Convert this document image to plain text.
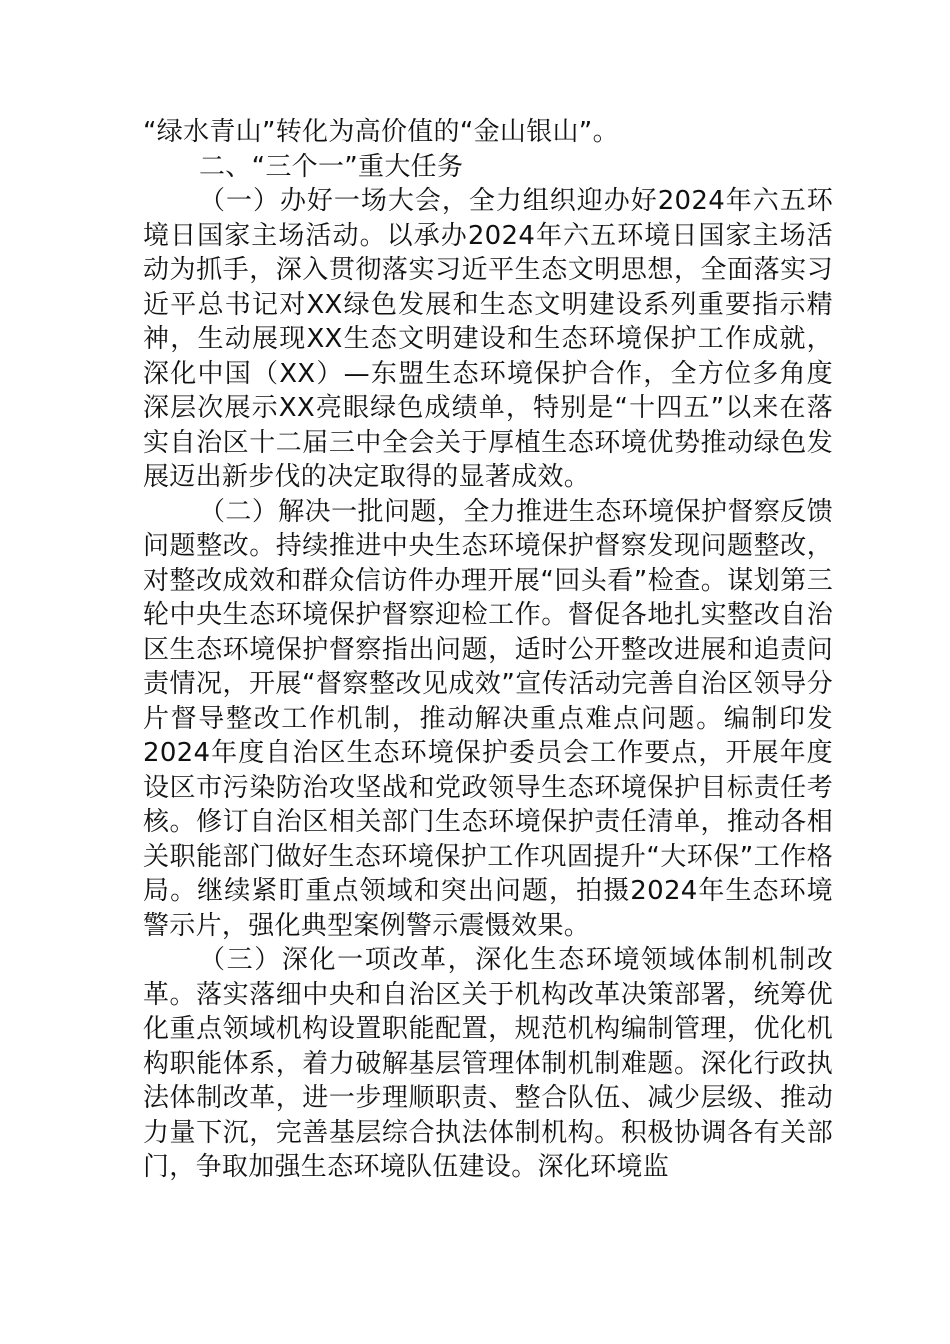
“绿水青山”转化为高价值的“金山银山”。

二、“三个一”重大任务

（一）办好一场大会，全力组织迎办好2024年六五环境日国家主场活动。以承办2024年六五环境日国家主场活动为抓手，深入贯彻落实习近平生态文明思想，全面落实习近平总书记对XX绿色发展和生态文明建设系列重要指示精神，生动展现XX生态文明建设和生态环境保护工作成就，深化中国（XX）—东盟生态环境保护合作，全方位多角度深层次展示XX亮眼绿色成绩单，特别是“十四五”以来在落实自治区十二届三中全会关于厚植生态环境优势推动绿色发展迈出新步伐的决定取得的显著成效。

（二）解决一批问题，全力推进生态环境保护督察反馈问题整改。持续推进中央生态环境保护督察发现问题整改，对整改成效和群众信访件办理开展“回头看”检查。谋划第三轮中央生态环境保护督察迎检工作。督促各地扎实整改自治区生态环境保护督察指出问题，适时公开整改进展和追责问责情况，开展“督察整改见成效”宣传活动完善自治区领导分片督导整改工作机制，推动解决重点难点问题。编制印发2024年度自治区生态环境保护委员会工作要点，开展年度设区市污染防治攻坚战和党政领导生态环境保护目标责任考核。修订自治区相关部门生态环境保护责任清单，推动各相关职能部门做好生态环境保护工作巩固提升“大环保”工作格局。继续紧盯重点领域和突出问题，拍摄2024年生态环境警示片，强化典型案例警示震慑效果。

（三）深化一项改革，深化生态环境领域体制机制改革。落实落细中央和自治区关于机构改革决策部署，统筹优化重点领域机构设置职能配置，规范机构编制管理，优化机构职能体系，着力破解基层管理体制机制难题。深化行政执法体制改革，进一步理顺职责、整合队伍、减少层级、推动力量下沉，完善基层综合执法体制机构。积极协调各有关部门，争取加强生态环境队伍建设。深化环境监
